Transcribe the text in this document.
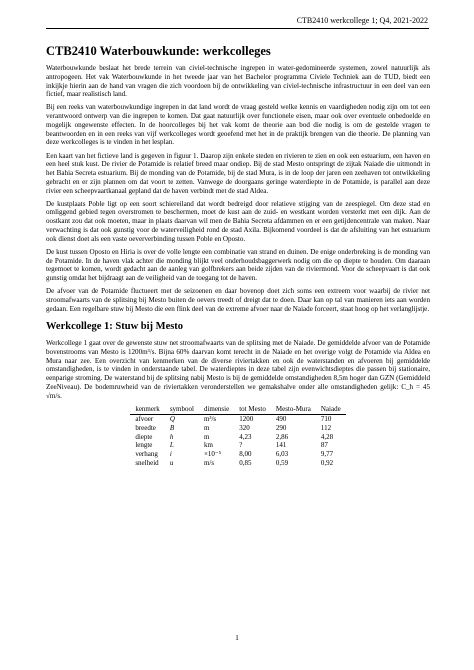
CTB2410 werkcollege 1; Q4, 2021-2022
CTB2410 Waterbouwkunde: werkcolleges

Waterbouwkunde beslaat het brede terrein van civiel-technische ingrepen in water-gedomineerde systemen, zowel natuurlijk als antropogeen. Het vak Waterbouwkunde in het tweede jaar van het Bachelor programma Civiele Techniek aan de TUD, biedt een inkijkje hierin aan de hand van vragen die zich voordoen bij de ontwikkeling van civiel-technische infrastructuur in een deel van een fictief, maar realistisch land.

Bij een reeks van waterbouwkundige ingrepen in dat land wordt de vraag gesteld welke kennis en vaardigheden nodig zijn om tot een verantwoord ontwerp van die ingrepen te komen. Dat gaat natuurlijk over functionele eisen, maar ook over eventuele onbedoelde en mogelijk ongewenste effecten. In de hoorcolleges bij het vak komt de theorie aan bod die nodig is om de gestelde vragen te beantwoorden en in een reeks van vijf werkcolleges wordt geoefend met het in de praktijk brengen van die theorie. De planning van deze werkcolleges is te vinden in het lesplan.

Een kaart van het fictieve land is gegeven in figuur 1. Daarop zijn enkele steden en rivieren te zien en ook een estuarium, een haven en een heel stuk kust. De rivier de Potamide is relatief breed maar ondiep. Bij de stad Mesto ontspringt de zijtak Naiade die uitmondt in het Bahia Secreta estuarium. Bij de monding van de Potamide, bij de stad Mura, is in de loop der jaren een zeehaven tot ontwikkeling gebracht en er zijn plannen om dat voort te zetten. Vanwege de doorgaans geringe waterdiepte in de Potamide, is parallel aan deze rivier een scheepvaartkanaal gepland dat de haven verbindt met de stad Aldea.

De kustplaats Poble ligt op een soort schiereiland dat wordt bedreigd door relatieve stijging van de zeespiegel. Om deze stad en omliggend gebied tegen overstromen te beschermen, moet de kust aan de zuid- en westkant worden versterkt met een dijk. Aan de oostkant zou dat ook moeten, maar in plaats daarvan wil men de Bahia Secreta afdammen en er een getijdencentrale van maken. Naar verwachting is dat ook gunstig voor de waterveiligheid rond de stad Axila. Bijkomend voordeel is dat de afsluiting van het estuarium ook dienst doet als een vaste oeververbinding tussen Poble en Oposto.

De kust tussen Oposto en Hiria is over de volle lengte een combinatie van strand en duinen. De enige onderbreking is de monding van de Potamide. In de haven vlak achter die monding blijkt veel onderhoudsbaggerwerk nodig om die op diepte te houden. Om daaraan tegemoet te komen, wordt gedacht aan de aanleg van golfbrekers aan beide zijden van de riviermond. Voor de scheepvaart is dat ook gunstig omdat het bijdraagt aan de veiligheid van de toegang tot de haven.

De afvoer van de Potamide fluctueert met de seizoenen en daar bovenop doet zich soms een extreem voor waarbij de rivier net stroomafwaarts van de splitsing bij Mesto buiten de oevers treedt of dreigt dat te doen. Daar kan op tal van manieren iets aan worden gedaan. Een regelbare stuw bij Mesto die een flink deel van de extreme afvoer naar de Naiade forceert, staat hoog op het verlanglijstje.

Werkcollege 1: Stuw bij Mesto

Werkcollege 1 gaat over de gewenste stuw net stroomafwaarts van de splitsing met de Naiade. De gemiddelde afvoer van de Potamide bovenstrooms van Mesto is 1200m³/s. Bijna 60% daarvan komt terecht in de Naiade en het overige volgt de Potamide via Aldea en Mura naar zee. Een overzicht van kenmerken van de diverse riviertakken en ook de waterstanden en afvoeren bij gemiddelde omstandigheden, is te vinden in onderstaande tabel. De waterdieptes in deze tabel zijn evenwichtsdieptes die passen bij stationaire, eenparige stroming. De waterstand bij de splitsing nabij Mesto is bij de gemiddelde omstandigheden 8,5m hoger dan GZN (Gemiddeld ZeeNiveau). De bodemruwheid van de riviertakken veronderstellen we gemakshalve onder alle omstandigheden gelijk: C_h = 45 √m/s.

kenmerk	symbool	dimensie	tot Mesto	Mesto-Mura	Naiade
afvoer	Q	m³/s	1200	490	710
breedte	B	m	320	290	112
diepte	h	m	4,23	2,86	4,28
lengte	L	km	?	141	87
verhang	i	×10⁻⁵	8,00	6,03	9,77
snelheid	u	m/s	0,85	0,59	0,92
1
